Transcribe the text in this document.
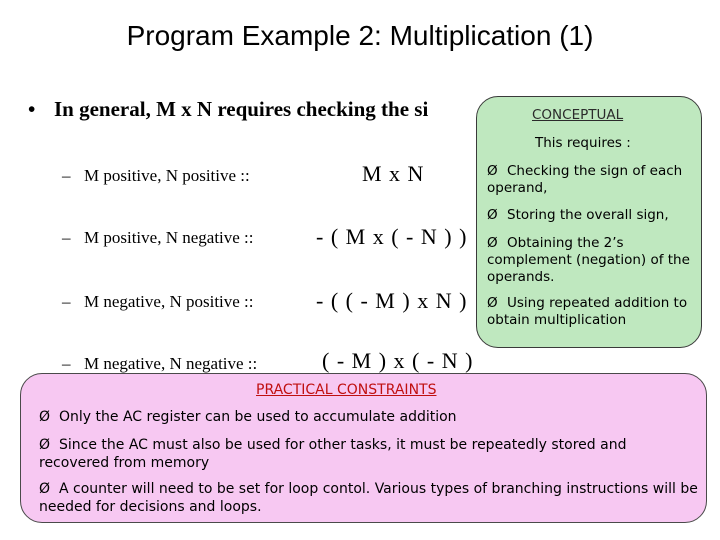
Program Example 2: Multiplication (1)
• In general, M x N requires checking the si
– M positive, N positive ::	M x N
– M positive, N negative ::	- ( M x ( - N ) )
– M negative, N positive ::	- ( ( - M ) x N )
– M negative, N negative ::	( - M ) x ( - N )
CONCEPTUAL
This requires :
Ø Checking the sign of each operand,
Ø Storing the overall sign,
Ø Obtaining the 2’s complement (negation) of the operands.
Ø Using repeated addition to obtain multiplication
PRACTICAL CONSTRAINTS
Ø Only the AC register can be used to accumulate addition
Ø Since the AC must also be used for other tasks, it must be repeatedly stored and recovered from memory
Ø A counter will need to be set for loop contol. Various types of branching instructions will be needed for decisions and loops.
